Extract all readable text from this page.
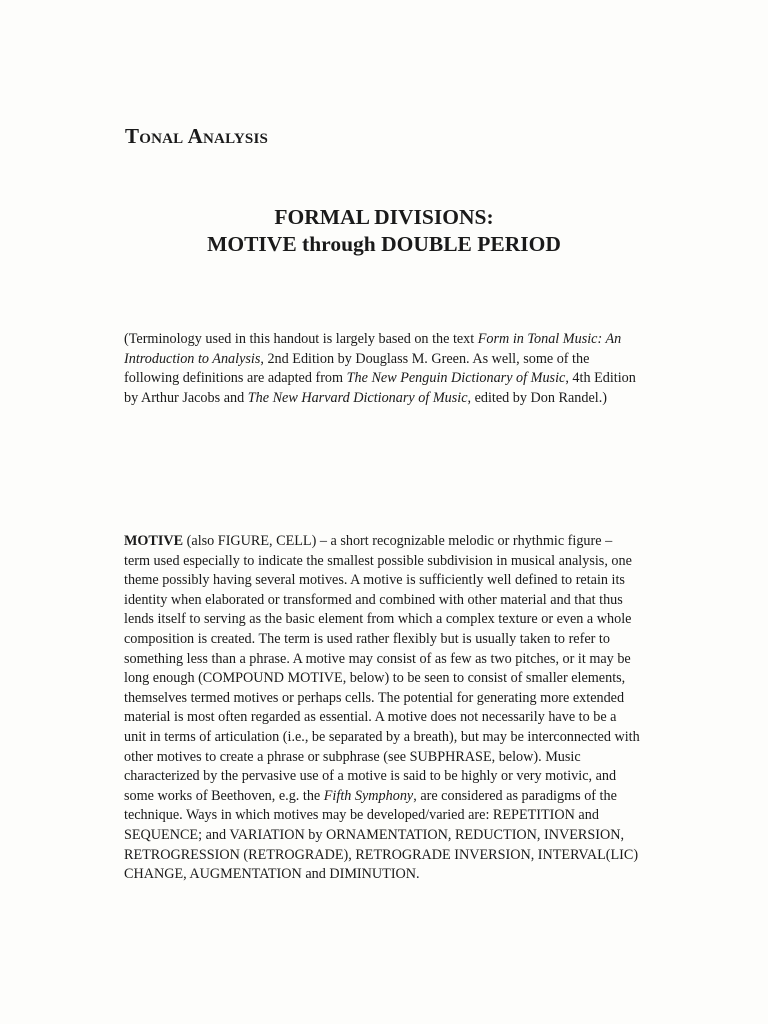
Tonal Analysis
FORMAL DIVISIONS:
MOTIVE through DOUBLE PERIOD
(Terminology used in this handout is largely based on the text Form in Tonal Music: An
Introduction to Analysis, 2nd Edition by Douglass M. Green. As well, some of the
following definitions are adapted from The New Penguin Dictionary of Music, 4th Edition
by Arthur Jacobs and The New Harvard Dictionary of Music, edited by Don Randel.)
MOTIVE (also FIGURE, CELL) – a short recognizable melodic or rhythmic figure –
term used especially to indicate the smallest possible subdivision in musical analysis, one
theme possibly having several motives. A motive is sufficiently well defined to retain its
identity when elaborated or transformed and combined with other material and that thus
lends itself to serving as the basic element from which a complex texture or even a whole
composition is created. The term is used rather flexibly but is usually taken to refer to
something less than a phrase. A motive may consist of as few as two pitches, or it may be
long enough (COMPOUND MOTIVE, below) to be seen to consist of smaller elements,
themselves termed motives or perhaps cells. The potential for generating more extended
material is most often regarded as essential. A motive does not necessarily have to be a
unit in terms of articulation (i.e., be separated by a breath), but may be interconnected with
other motives to create a phrase or subphrase (see SUBPHRASE, below). Music
characterized by the pervasive use of a motive is said to be highly or very motivic, and
some works of Beethoven, e.g. the Fifth Symphony, are considered as paradigms of the
technique. Ways in which motives may be developed/varied are: REPETITION and
SEQUENCE; and VARIATION by ORNAMENTATION, REDUCTION, INVERSION,
RETROGRESSION (RETROGRADE), RETROGRADE INVERSION, INTERVAL(LIC)
CHANGE, AUGMENTATION and DIMINUTION.
